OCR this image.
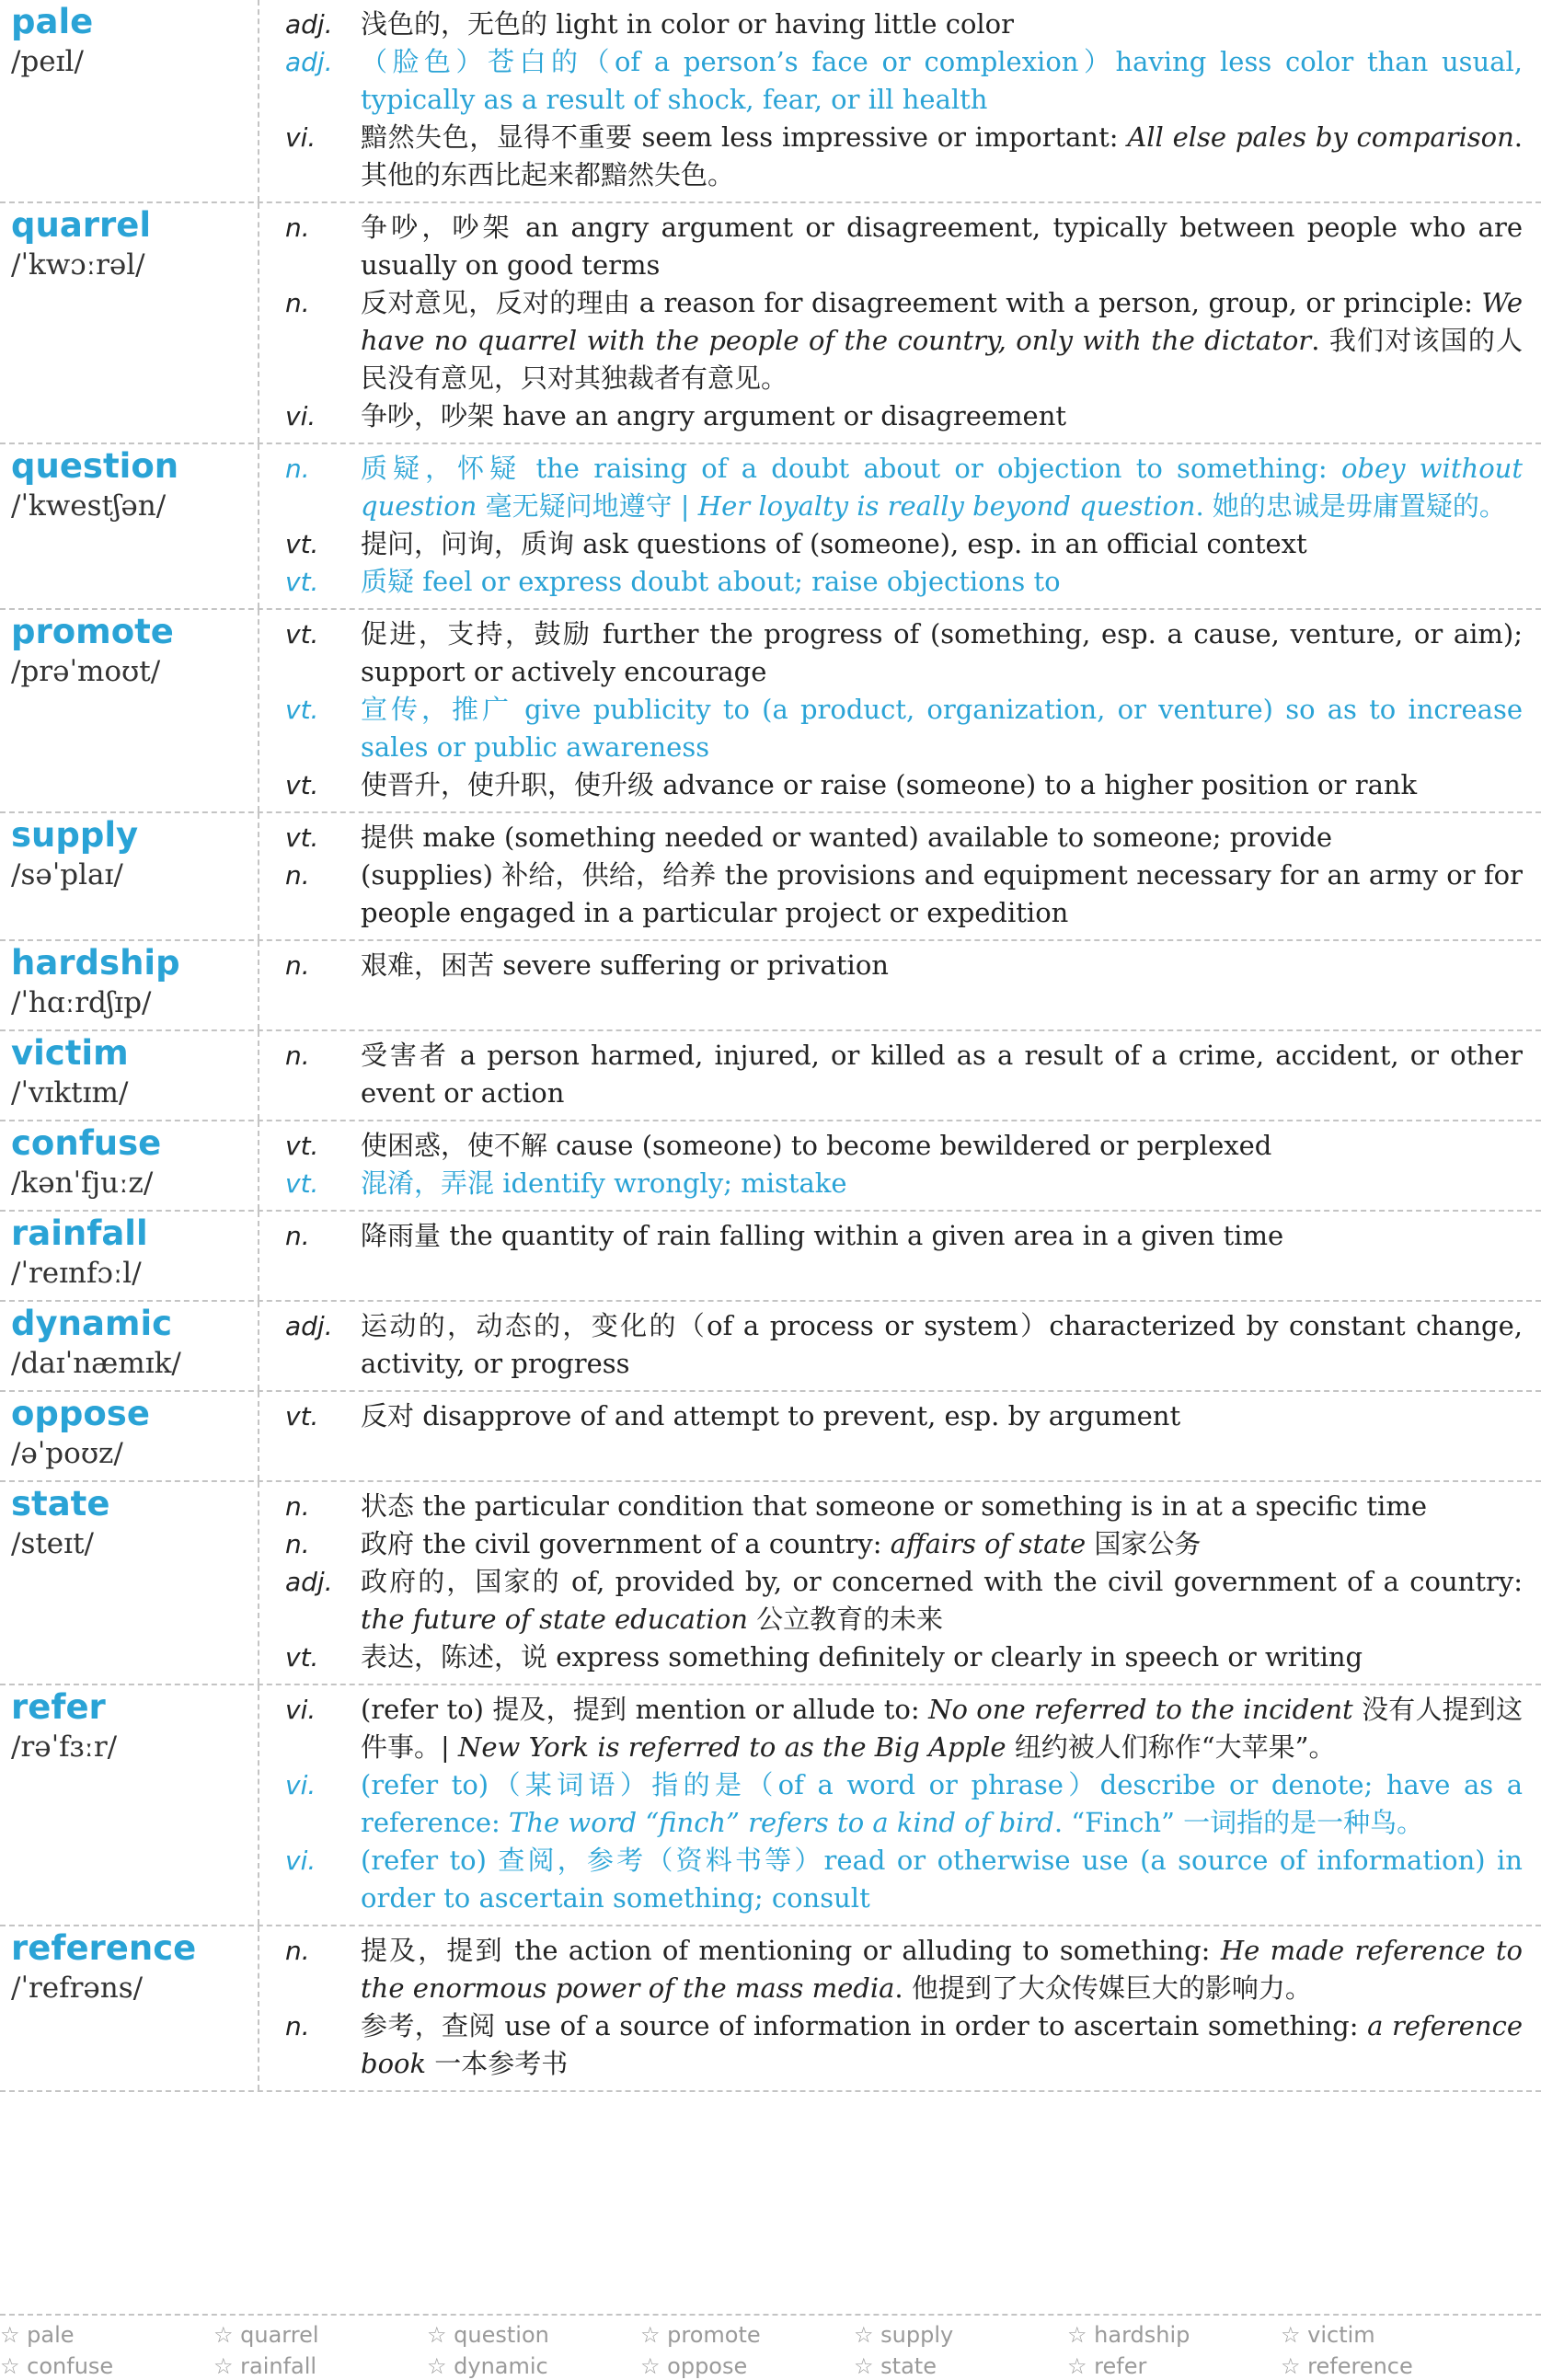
pale
/peɪl/
adj.	浅色的，无色的 light in color or having little color
adj.	（脸色）苍白的（of a person’s face or complexion）having less color than usual, typically as a result of shock, fear, or ill health
vi.	黯然失色，显得不重要 seem less impressive or important: All else pales by comparison. 其他的东西比起来都黯然失色。
quarrel
/ˈkwɔːrəl/
n.	争吵，吵架 an angry argument or disagreement, typically between people who are usually on good terms
n.	反对意见，反对的理由 a reason for disagreement with a person, group, or principle: We have no quarrel with the people of the country, only with the dictator. 我们对该国的人民没有意见，只对其独裁者有意见。
vi.	争吵，吵架 have an angry argument or disagreement
question
/ˈkwestʃən/
n.	质疑，怀疑 the raising of a doubt about or objection to something: obey without question 毫无疑问地遵守 | Her loyalty is really beyond question. 她的忠诚是毋庸置疑的。
vt.	提问，问询，质询 ask questions of (someone), esp. in an official context
vt.	质疑 feel or express doubt about; raise objections to
promote
/prəˈmoʊt/
vt.	促进，支持，鼓励 further the progress of (something, esp. a cause, venture, or aim); support or actively encourage
vt.	宣传，推广 give publicity to (a product, organization, or venture) so as to increase sales or public awareness
vt.	使晋升，使升职，使升级 advance or raise (someone) to a higher position or rank
supply
/səˈplaɪ/
vt.	提供 make (something needed or wanted) available to someone; provide
n.	(supplies) 补给，供给，给养 the provisions and equipment necessary for an army or for people engaged in a particular project or expedition
hardship
/ˈhɑːrdʃɪp/
n.	艰难，困苦 severe suffering or privation
victim
/ˈvɪktɪm/
n.	受害者 a person harmed, injured, or killed as a result of a crime, accident, or other event or action
confuse
/kənˈfjuːz/
vt.	使困惑，使不解 cause (someone) to become bewildered or perplexed
vt.	混淆，弄混 identify wrongly; mistake
rainfall
/ˈreɪnfɔːl/
n.	降雨量 the quantity of rain falling within a given area in a given time
dynamic
/daɪˈnæmɪk/
adj.	运动的，动态的，变化的（of a process or system）characterized by constant change, activity, or progress
oppose
/əˈpoʊz/
vt.	反对 disapprove of and attempt to prevent, esp. by argument
state
/steɪt/
n.	状态 the particular condition that someone or something is in at a specific time
n.	政府 the civil government of a country: affairs of state 国家公务
adj.	政府的，国家的 of, provided by, or concerned with the civil government of a country: the future of state education 公立教育的未来
vt.	表达，陈述，说 express something definitely or clearly in speech or writing
refer
/rəˈfɜːr/
vi.	(refer to) 提及，提到 mention or allude to: No one referred to the incident 没有人提到这件事。| New York is referred to as the Big Apple 纽约被人们称作“大苹果”。
vi.	(refer to)（某词语）指的是（of a word or phrase）describe or denote; have as a reference: The word “finch” refers to a kind of bird. “Finch” 一词指的是一种鸟。
vi.	(refer to) 查阅，参考（资料书等）read or otherwise use (a source of information) in order to ascertain something; consult
reference
/ˈrefrəns/
n.	提及，提到 the action of mentioning or alluding to something: He made reference to the enormous power of the mass media. 他提到了大众传媒巨大的影响力。
n.	参考，查阅 use of a source of information in order to ascertain something: a reference book 一本参考书
☆ pale	☆ quarrel	☆ question	☆ promote	☆ supply	☆ hardship	☆ victim
☆ confuse	☆ rainfall	☆ dynamic	☆ oppose	☆ state	☆ refer	☆ reference
